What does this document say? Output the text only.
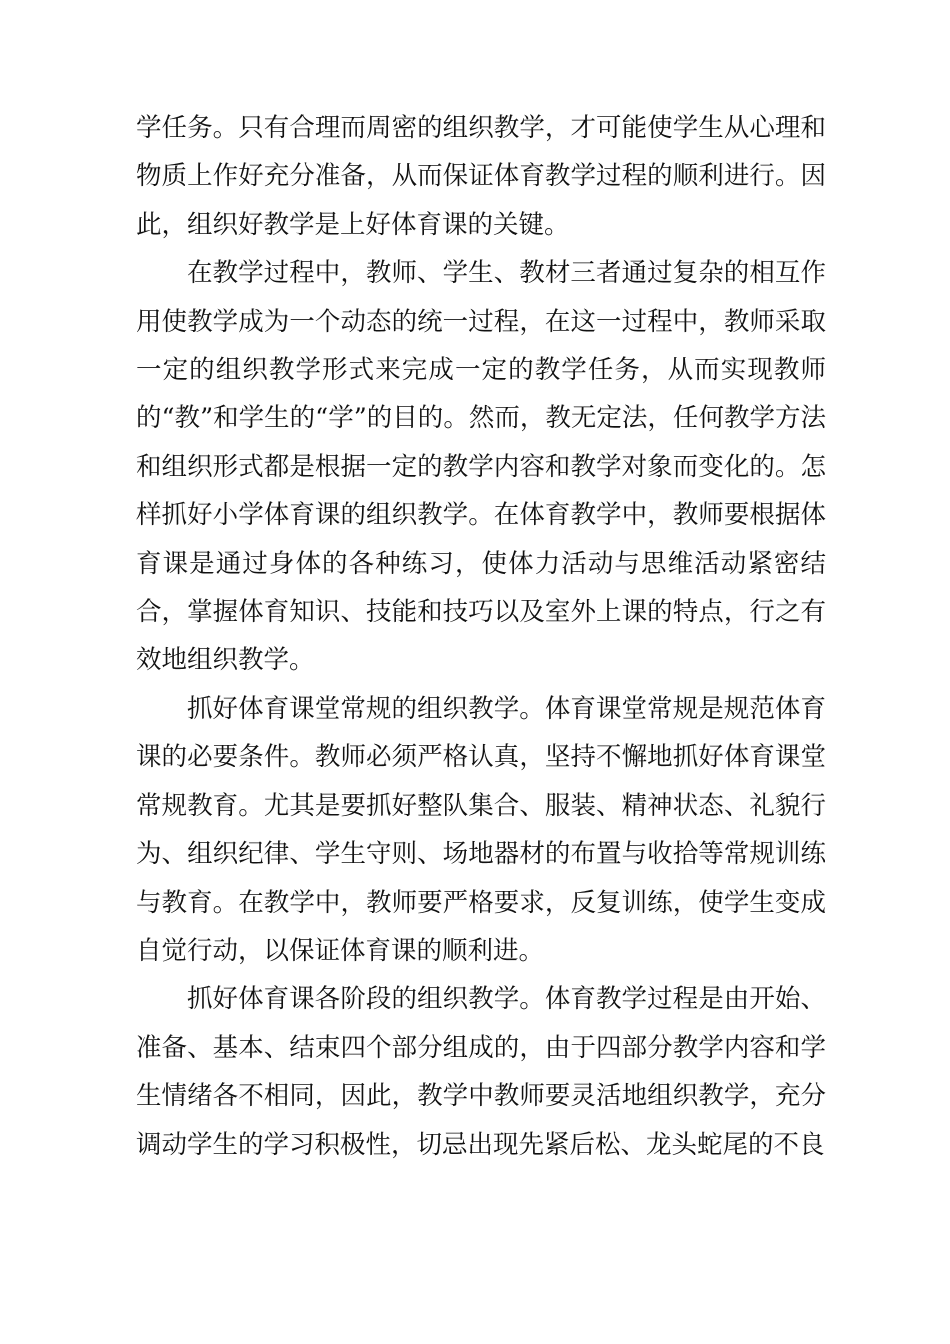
学任务。只有合理而周密的组织教学，才可能使学生从心理和物质上作好充分准备，从而保证体育教学过程的顺利进行。因此，组织好教学是上好体育课的关键。

在教学过程中，教师、学生、教材三者通过复杂的相互作用使教学成为一个动态的统一过程，在这一过程中，教师采取一定的组织教学形式来完成一定的教学任务，从而实现教师的“教”和学生的“学”的目的。然而，教无定法，任何教学方法和组织形式都是根据一定的教学内容和教学对象而变化的。怎样抓好小学体育课的组织教学。在体育教学中，教师要根据体育课是通过身体的各种练习，使体力活动与思维活动紧密结合，掌握体育知识、技能和技巧以及室外上课的特点，行之有效地组织教学。

抓好体育课堂常规的组织教学。体育课堂常规是规范体育课的必要条件。教师必须严格认真，坚持不懈地抓好体育课堂常规教育。尤其是要抓好整队集合、服装、精神状态、礼貌行为、组织纪律、学生守则、场地器材的布置与收拾等常规训练与教育。在教学中，教师要严格要求，反复训练，使学生变成自觉行动，以保证体育课的顺利进。

抓好体育课各阶段的组织教学。体育教学过程是由开始、准备、基本、结束四个部分组成的，由于四部分教学内容和学生情绪各不相同，因此，教学中教师要灵活地组织教学，充分调动学生的学习积极性，切忌出现先紧后松、龙头蛇尾的不良
